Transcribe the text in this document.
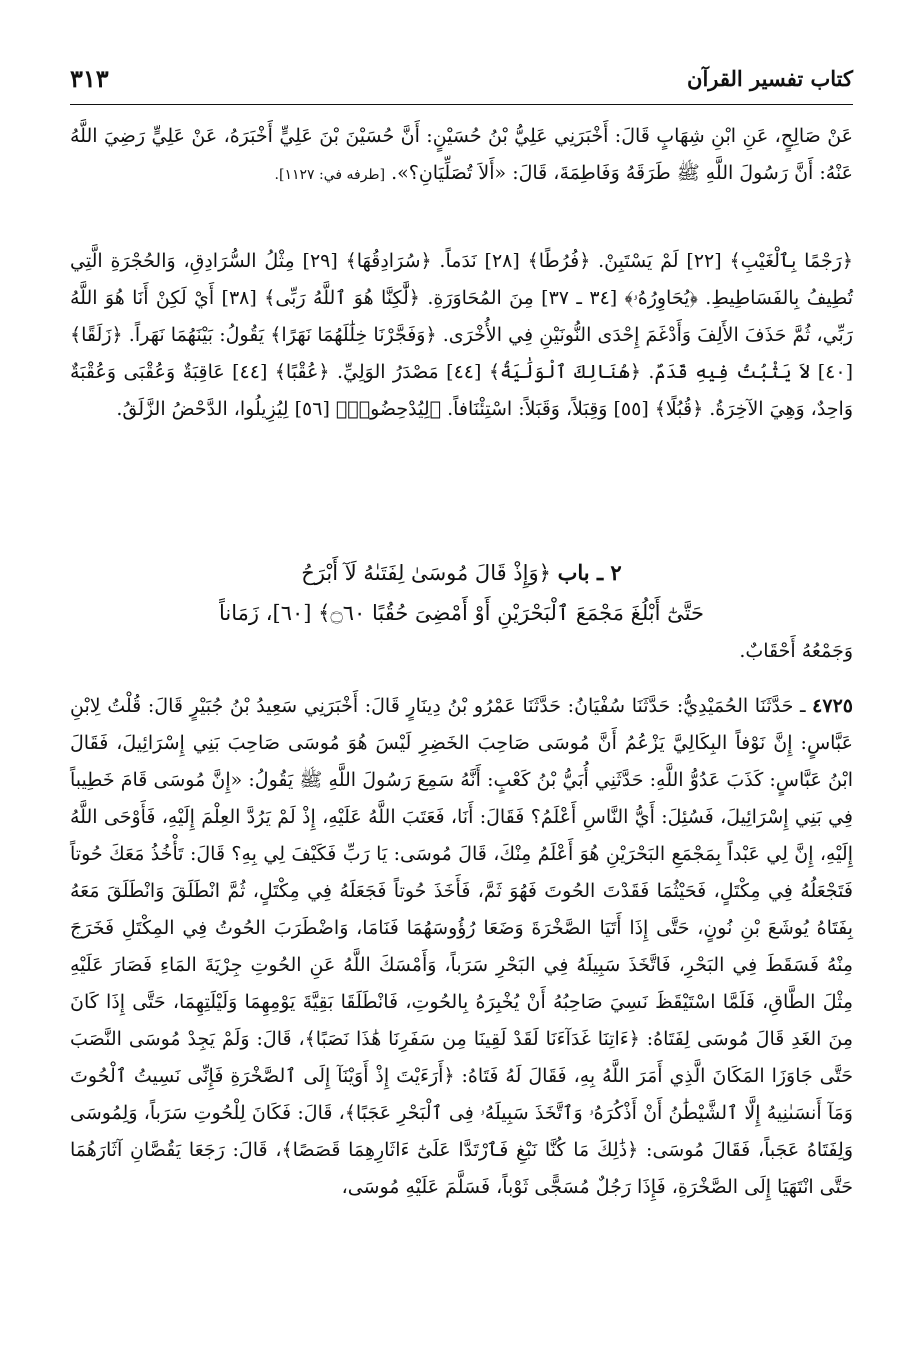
كتاب تفسير القرآن
٣١٣

عَنْ صَالِحٍ، عَنِ ابْنِ شِهَابٍ قَالَ: أَخْبَرَنِي عَلِيُّ بْنُ حُسَيْنٍ: أَنَّ حُسَيْنَ بْنَ عَلِيٍّ أَخْبَرَهُ، عَنْ عَلِيٍّ رَضِيَ اللَّهُ عَنْهُ: أَنَّ رَسُولَ اللَّهِ ﷺ طَرَقَهُ وَفَاطِمَةَ، قَالَ: «أَلاَ تُصَلِّيَانِ؟». [طرفه في: ١١٢٧].

﴿رَجْمًا بِٱلْغَيْبِ﴾ [٢٢] لَمْ يَسْتَبِنْ. ﴿فُرُطًا﴾ [٢٨] نَدَماً. ﴿سُرَادِقُهَا﴾ [٢٩] مِثْلُ السُّرَادِقِ، وَالحُجْرَةِ الَّتِي تُطِيفُ بِالفَسَاطِيطِ. ﴿يُحَاوِرُهُۥ﴾ [٣٤ ـ ٣٧] مِنَ المُحَاوَرَةِ. ﴿لَّٰكِنَّا هُوَ ٱللَّهُ رَبِّى﴾ [٣٨] أَيْ لَكِنْ أَنَا هُوَ اللَّهُ رَبِّي، ثُمَّ حَذَفَ الأَلِفَ وَأَدْغَمَ إِحْدَى النُّونَيْنِ فِي الأُخْرَى. ﴿وَفَجَّرْنَا خِلَٰلَهُمَا نَهَرًا﴾ يَقُولُ: بَيْنَهُمَا نَهَراً. ﴿زَلَقًا﴾ [٤٠] لاَ يَثْبُتُ فِيهِ قَدَمٌ. ﴿هُنَالِكَ ٱلْوَلَٰيَةُ﴾ [٤٤] مَصْدَرُ الوَلِيِّ. ﴿عُقْبًا﴾ [٤٤] عَاقِبَةٌ وَعُقْبَى وَعُقْبَةٌ وَاحِدٌ، وَهِيَ الآخِرَةُ. ﴿قُبُلًا﴾ [٥٥] وَقِبَلاً، وَقَبَلاً: اسْتِئْنَافاً. ﴿لِيُدْحِضُوا۟﴾ [٥٦] لِيُزِيلُوا، الدَّحْضُ الزَّلَقُ.

٢ ـ باب ﴿وَإِذْ قَالَ مُوسَىٰ لِفَتَىٰهُ لَآ أَبْرَحُ
حَتَّىٰٓ أَبْلُغَ مَجْمَعَ ٱلْبَحْرَيْنِ أَوْ أَمْضِىَ حُقُبًا ۝٦٠﴾ [٦٠]، زَمَاناً
وَجَمْعُهُ أَحْقَابٌ.

٤٧٢٥ ـ حَدَّثَنَا الحُمَيْدِيُّ: حَدَّثَنَا سُفْيَانُ: حَدَّثَنَا عَمْرُو بْنُ دِينَارٍ قَالَ: أَخْبَرَنِي سَعِيدُ بْنُ جُبَيْرٍ قَالَ: قُلْتُ لِابْنِ عَبَّاسٍ: إِنَّ نَوْفاً البِكَالِيَّ يَزْعُمُ أَنَّ مُوسَى صَاحِبَ الخَضِرِ لَيْسَ هُوَ مُوسَى صَاحِبَ بَنِي إِسْرَائِيلَ، فَقَالَ ابْنُ عَبَّاسٍ: كَذَبَ عَدُوُّ اللَّهِ: حَدَّثَنِي أُبَيُّ بْنُ كَعْبٍ: أَنَّهُ سَمِعَ رَسُولَ اللَّهِ ﷺ يَقُولُ: «إِنَّ مُوسَى قَامَ خَطِيباً فِي بَنِي إِسْرَائِيلَ، فَسُئِلَ: أَيُّ النَّاسِ أَعْلَمُ؟ فَقَالَ: أَنَا، فَعَتَبَ اللَّهُ عَلَيْهِ، إِذْ لَمْ يَرُدَّ العِلْمَ إِلَيْهِ، فَأَوْحَى اللَّهُ إِلَيْهِ، إِنَّ لِي عَبْداً بِمَجْمَعِ البَحْرَيْنِ هُوَ أَعْلَمُ مِنْكَ، قَالَ مُوسَى: يَا رَبِّ فَكَيْفَ لِي بِهِ؟ قَالَ: تَأْخُذُ مَعَكَ حُوتاً فَتَجْعَلُهُ فِي مِكْتَلٍ، فَحَيْثُمَا فَقَدْتَ الحُوتَ فَهُوَ ثَمَّ، فَأَخَذَ حُوتاً فَجَعَلَهُ فِي مِكْتَلٍ، ثُمَّ انْطَلَقَ وَانْطَلَقَ مَعَهُ بِفَتَاهُ يُوشَعَ بْنِ نُونٍ، حَتَّى إِذَا أَتَيَا الصَّخْرَةَ وَضَعَا رُؤُوسَهُمَا فَنَامَا، وَاضْطَرَبَ الحُوتُ فِي المِكْتَلِ فَخَرَجَ مِنْهُ فَسَقَطَ فِي البَحْرِ، فَاتَّخَذَ سَبِيلَهُ فِي البَحْرِ سَرَباً، وَأَمْسَكَ اللَّهُ عَنِ الحُوتِ جِرْيَةَ المَاءِ فَصَارَ عَلَيْهِ مِثْلَ الطَّاقِ، فَلَمَّا اسْتَيْقَظَ نَسِيَ صَاحِبُهُ أَنْ يُخْبِرَهُ بِالحُوتِ، فَانْطَلَقَا بَقِيَّةَ يَوْمِهِمَا وَلَيْلَتِهِمَا، حَتَّى إِذَا كَانَ مِنَ الغَدِ قَالَ مُوسَى لِفَتَاهُ: ﴿ءَاتِنَا غَدَآءَنَا لَقَدْ لَقِينَا مِن سَفَرِنَا هَٰذَا نَصَبًا﴾، قَالَ: وَلَمْ يَجِدْ مُوسَى النَّصَبَ حَتَّى جَاوَزَا المَكَانَ الَّذِي أَمَرَ اللَّهُ بِهِ، فَقَالَ لَهُ فَتَاهُ: ﴿أَرَءَيْتَ إِذْ أَوَيْنَآ إِلَى ٱلصَّخْرَةِ فَإِنِّى نَسِيتُ ٱلْحُوتَ وَمَآ أَنسَىٰنِيهُ إِلَّا ٱلشَّيْطَٰنُ أَنْ أَذْكُرَهُۥ وَٱتَّخَذَ سَبِيلَهُۥ فِى ٱلْبَحْرِ عَجَبًا﴾، قَالَ: فَكَانَ لِلْحُوتِ سَرَباً، وَلِمُوسَى وَلِفَتَاهُ عَجَباً، فَقَالَ مُوسَى: ﴿ذَٰلِكَ مَا كُنَّا نَبْغِ فَٱرْتَدَّا عَلَىٰٓ ءَاثَارِهِمَا قَصَصًا﴾، قَالَ: رَجَعَا يَقُصَّانِ آثَارَهُمَا حَتَّى انْتَهَيَا إِلَى الصَّخْرَةِ، فَإِذَا رَجُلٌ مُسَجًّى ثَوْباً، فَسَلَّمَ عَلَيْهِ مُوسَى،
